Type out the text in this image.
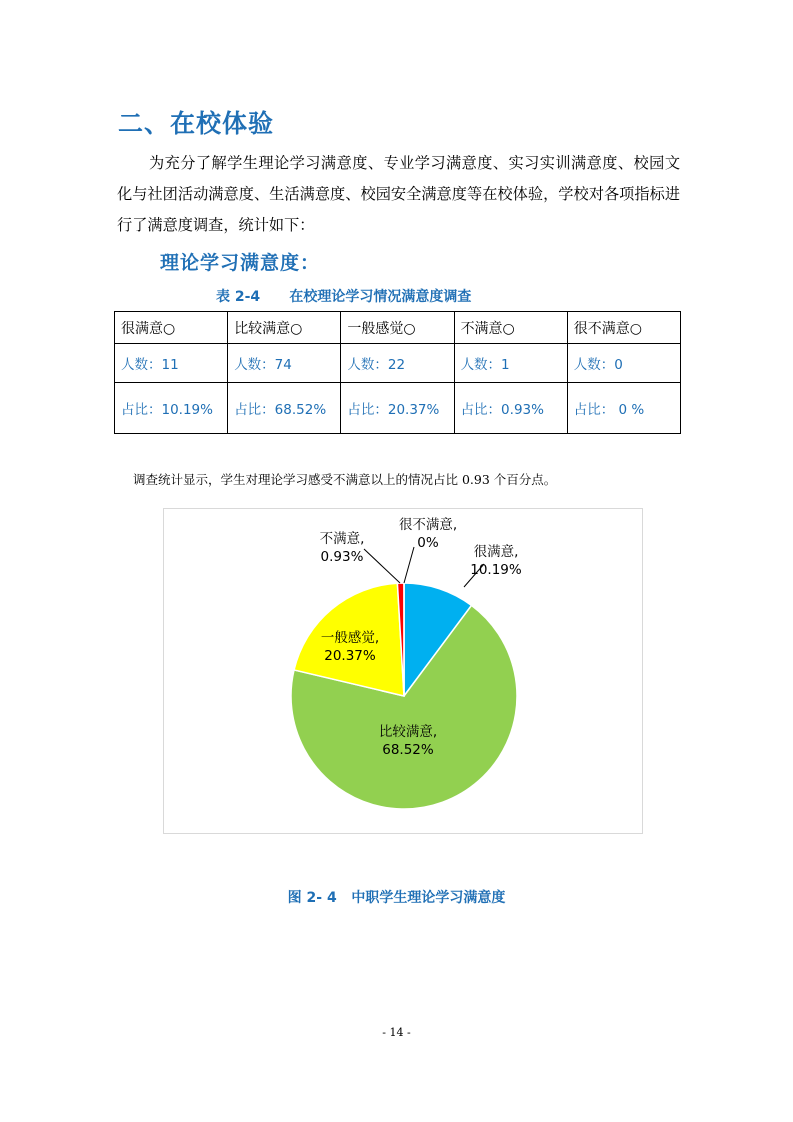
二、在校体验
为充分了解学生理论学习满意度、专业学习满意度、实习实训满意度、校园文化与社团活动满意度、生活满意度、校园安全满意度等在校体验，学校对各项指标进行了满意度调查，统计如下：
理论学习满意度：
表 2-4      在校理论学习情况满意度调查
很满意○	比较满意○	一般感觉○	不满意○	很不满意○
人数：11	人数：74	人数：22	人数：1	人数：0
占比：10.19%	占比：68.52%	占比：20.37%	占比：0.93%	占比： 0 %
调查统计显示，学生对理论学习感受不满意以上的情况占比 0.93 个百分点。
很满意,
10.19%
比较满意,
68.52%
一般感觉,
20.37%
不满意,
0.93%
很不满意,
0%
图 2- 4   中职学生理论学习满意度
- 14 -
